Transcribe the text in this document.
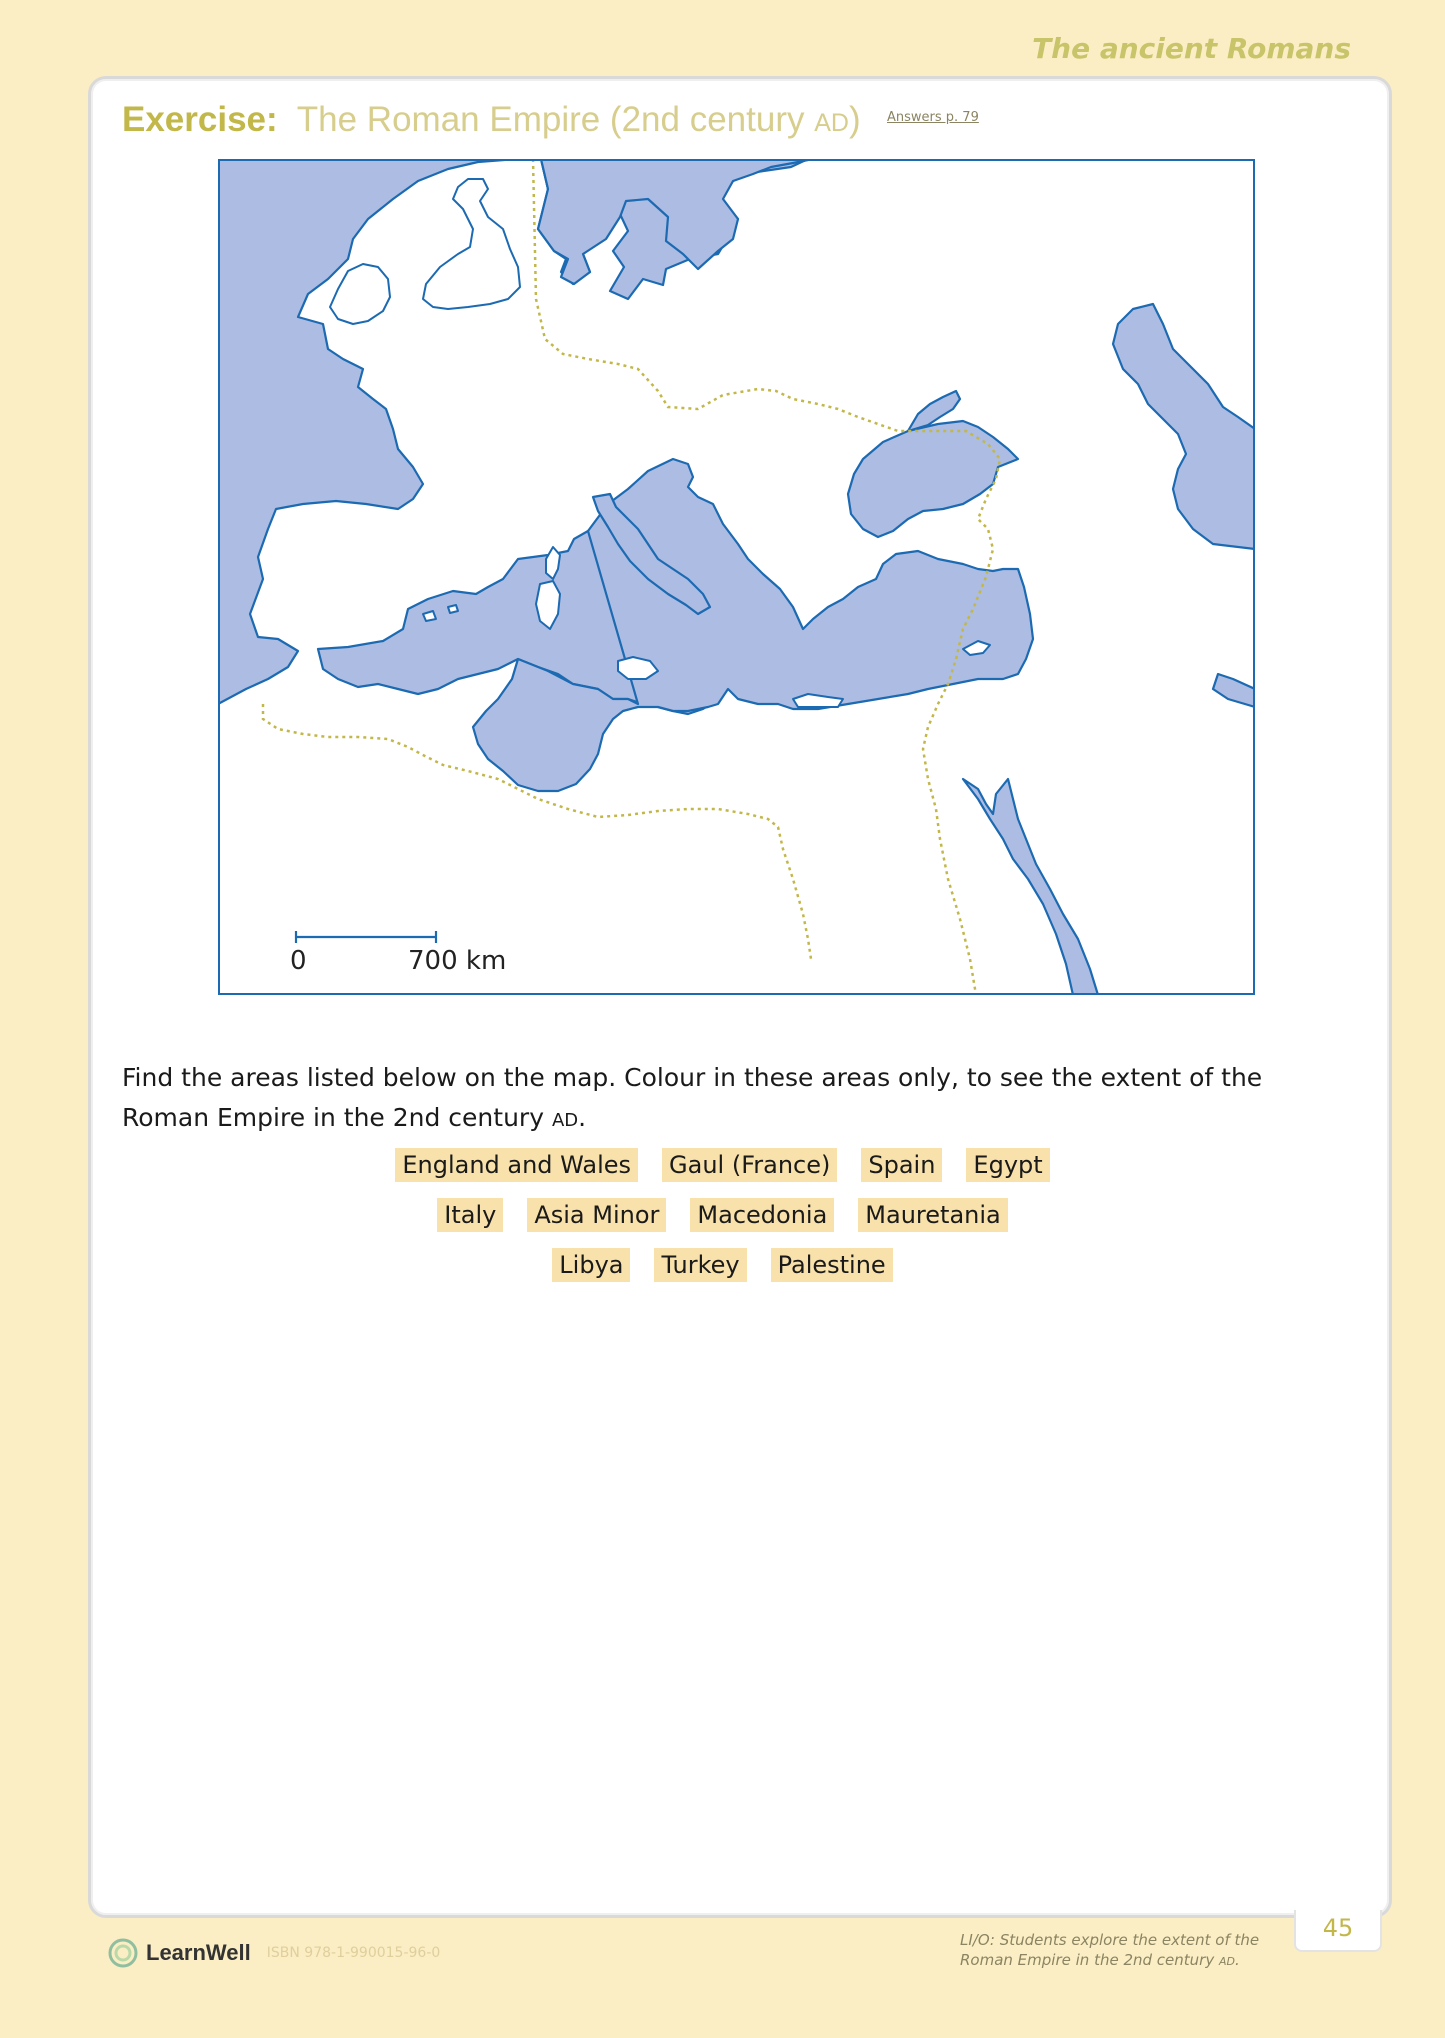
The ancient Romans
Exercise: The Roman Empire (2nd century AD) Answers p. 79
0	700 km
Find the areas listed below on the map. Colour in these areas only, to see the extent of the Roman Empire in the 2nd century AD.
England and Wales Gaul (France) Spain Egypt
Italy Asia Minor Macedonia Mauretania
Libya Turkey Palestine
LearnWell ISBN 978-1-990015-96-0
LI/O: Students explore the extent of the Roman Empire in the 2nd century AD.
45
